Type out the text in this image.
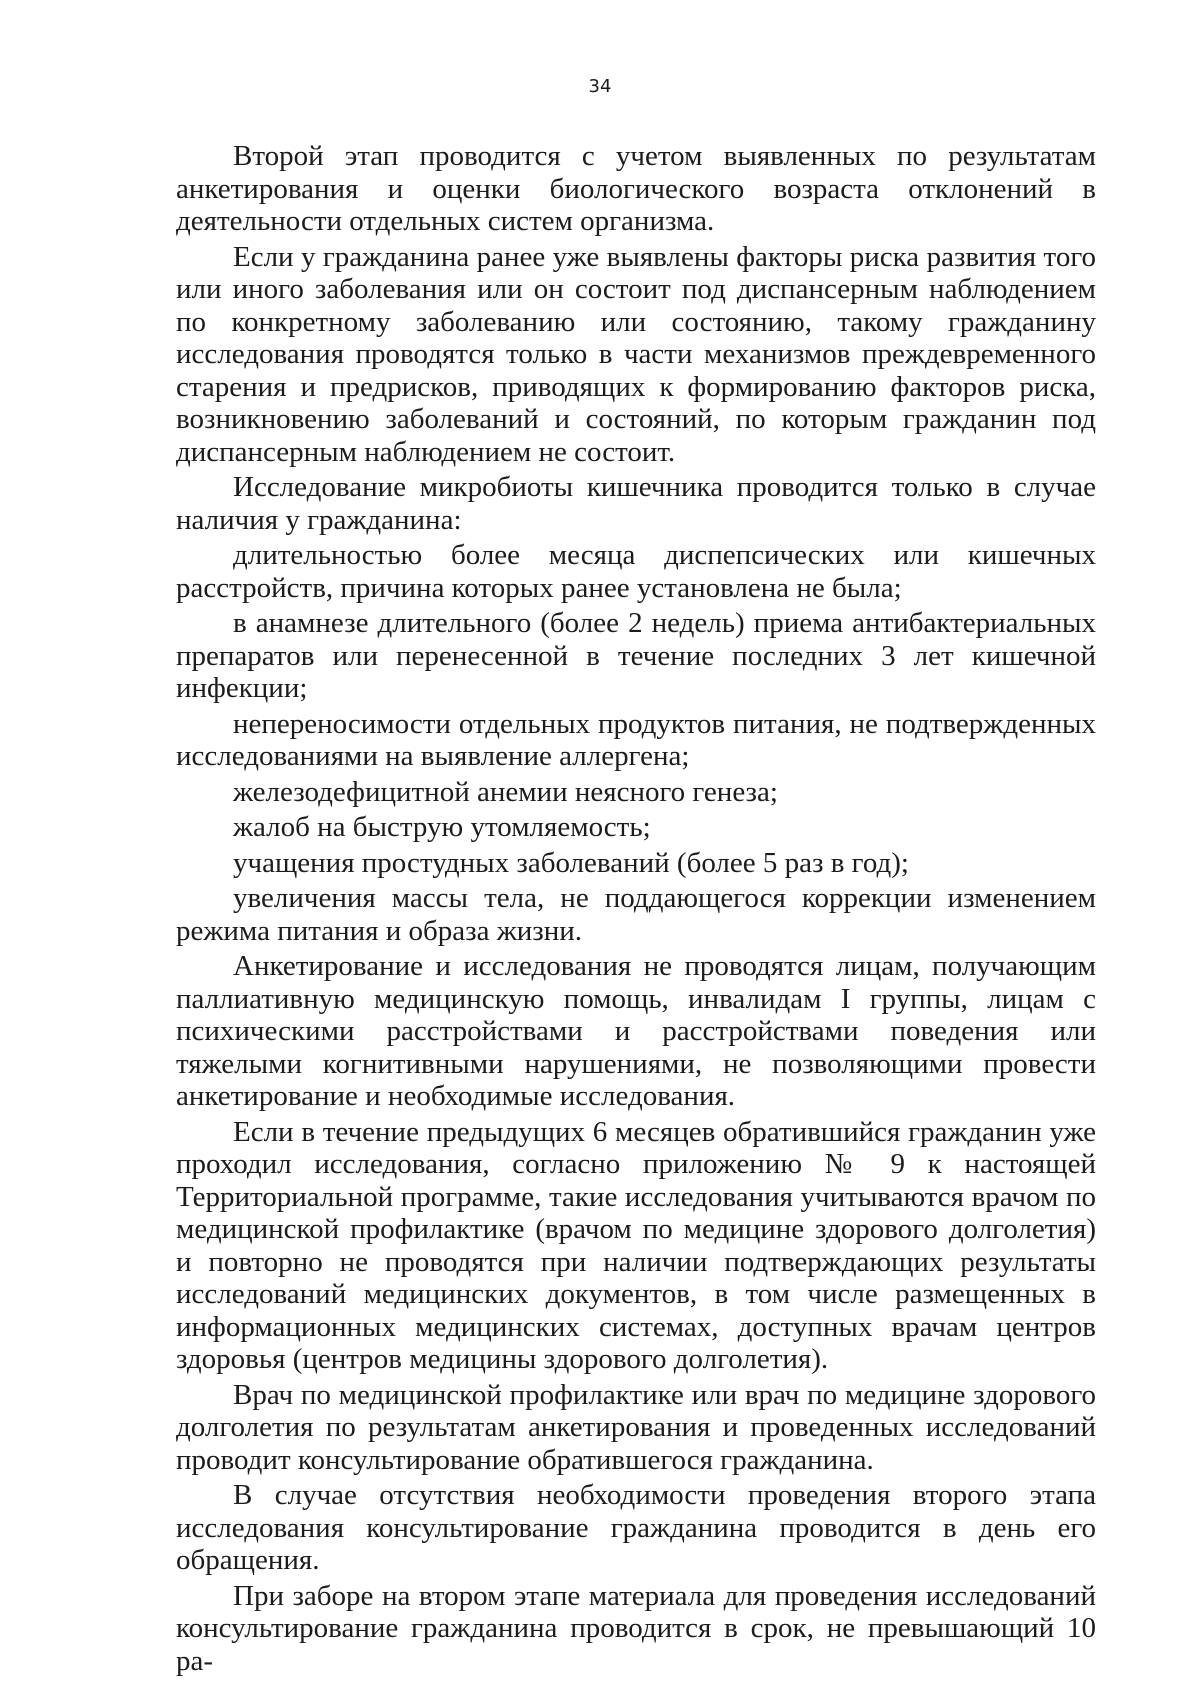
34

Второй этап проводится с учетом выявленных по результатам анкетирования и оценки биологического возраста отклонений в деятельности отдельных систем организма.

Если у гражданина ранее уже выявлены факторы риска развития того или иного заболевания или он состоит под диспансерным наблюдением по конкретному заболеванию или состоянию, такому гражданину исследования проводятся только в части механизмов преждевременного старения и предрисков, приводящих к формированию факторов риска, возникновению заболеваний и состояний, по которым гражданин под диспансерным наблюдением не состоит.

Исследование микробиоты кишечника проводится только в случае наличия у гражданина:

длительностью более месяца диспепсических или кишечных расстройств, причина которых ранее установлена не была;

в анамнезе длительного (более 2 недель) приема антибактериальных препаратов или перенесенной в течение последних 3 лет кишечной инфекции;

непереносимости отдельных продуктов питания, не подтвержденных исследованиями на выявление аллергена;

железодефицитной анемии неясного генеза;

жалоб на быструю утомляемость;

учащения простудных заболеваний (более 5 раз в год);

увеличения массы тела, не поддающегося коррекции изменением режима питания и образа жизни.

Анкетирование и исследования не проводятся лицам, получающим паллиативную медицинскую помощь, инвалидам I группы, лицам с психическими расстройствами и расстройствами поведения или тяжелыми когнитивными нарушениями, не позволяющими провести анкетирование и необходимые исследования.

Если в течение предыдущих 6 месяцев обратившийся гражданин уже проходил исследования, согласно приложению № 9 к настоящей Территориальной программе, такие исследования учитываются врачом по медицинской профилактике (врачом по медицине здорового долголетия) и повторно не проводятся при наличии подтверждающих результаты исследований медицинских документов, в том числе размещенных в информационных медицинских системах, доступных врачам центров здоровья (центров медицины здорового долголетия).

Врач по медицинской профилактике или врач по медицине здорового долголетия по результатам анкетирования и проведенных исследований проводит консультирование обратившегося гражданина.

В случае отсутствия необходимости проведения второго этапа исследования консультирование гражданина проводится в день его обращения.

При заборе на втором этапе материала для проведения исследований консультирование гражданина проводится в срок, не превышающий 10 ра-
